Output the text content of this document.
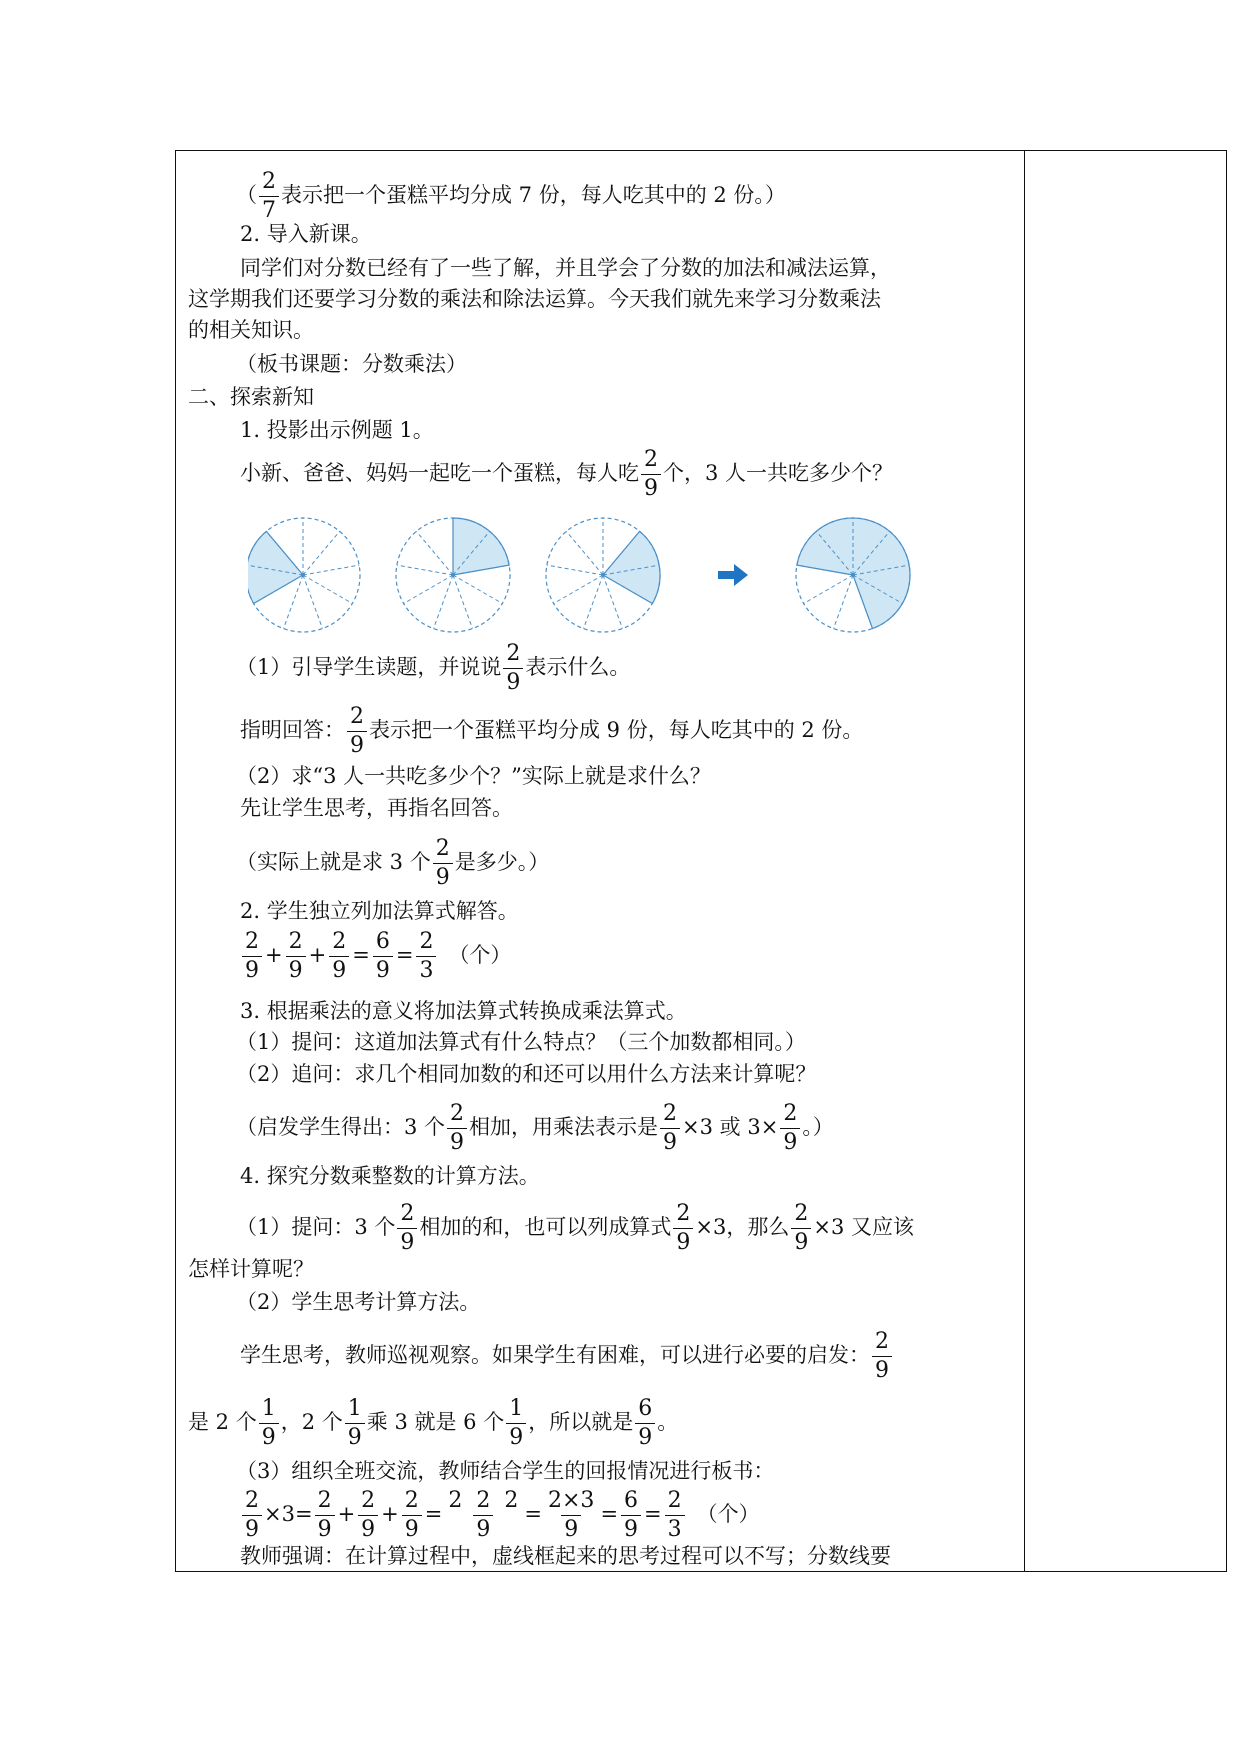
（ $\frac{2}{7}$ 表示把一个蛋糕平均分成 7 份，每人吃其中的 2 份。）
2. 导入新课。
同学们对分数已经有了一些了解，并且学会了分数的加法和减法运算，
这学期我们还要学习分数的乘法和除法运算。今天我们就先来学习分数乘法
的相关知识。
（板书课题：分数乘法）
二、探索新知
1. 投影出示例题 1。
小新、爸爸、妈妈一起吃一个蛋糕，每人吃 $\frac{2}{9}$ 个，3 人一共吃多少个？
（1）引导学生读题，并说说 $\frac{2}{9}$ 表示什么。
指明回答： $\frac{2}{9}$ 表示把一个蛋糕平均分成 9 份，每人吃其中的 2 份。
（2）求“3 人一共吃多少个？”实际上就是求什么？
先让学生思考，再指名回答。
（实际上就是求 3 个 $\frac{2}{9}$ 是多少。）
2. 学生独立列加法算式解答。
$\frac{2}{9} + \frac{2}{9} + \frac{2}{9} = \frac{6}{9} = \frac{2}{3}$ （个）
3. 根据乘法的意义将加法算式转换成乘法算式。
（1）提问：这道加法算式有什么特点？（三个加数都相同。）
（2）追问：求几个相同加数的和还可以用什么方法来计算呢？
（启发学生得出：3 个 $\frac{2}{9}$ 相加，用乘法表示是 $\frac{2}{9} \times 3$ 或 $3\times \frac{2}{9}$ 。）
4. 探究分数乘整数的计算方法。
（1）提问：3 个 $\frac{2}{9}$ 相加的和，也可以列成算式 $\frac{2}{9} \times 3$，那么 $\frac{2}{9} \times 3$ 又应该
怎样计算呢？
（2）学生思考计算方法。
学生思考，教师巡视观察。如果学生有困难，可以进行必要的启发： $\frac{2}{9}$
是 2 个 $\frac{1}{9}$ ，2 个 $\frac{1}{9}$ 乘 3 就是 6 个 $\frac{1}{9}$ ，所以就是 $\frac{6}{9}$ 。
（3）组织全班交流，教师结合学生的回报情况进行板书：
$\frac{2}{9} \times 3= \frac{2}{9} + \frac{2}{9} + \frac{2}{9} = \frac{2​ 2 2}{9} = \frac{2\times 3}{9} = \frac{6}{9} = \frac{2}{3}$ （个）
教师强调：在计算过程中，虚线框起来的思考过程可以不写；分数线要
